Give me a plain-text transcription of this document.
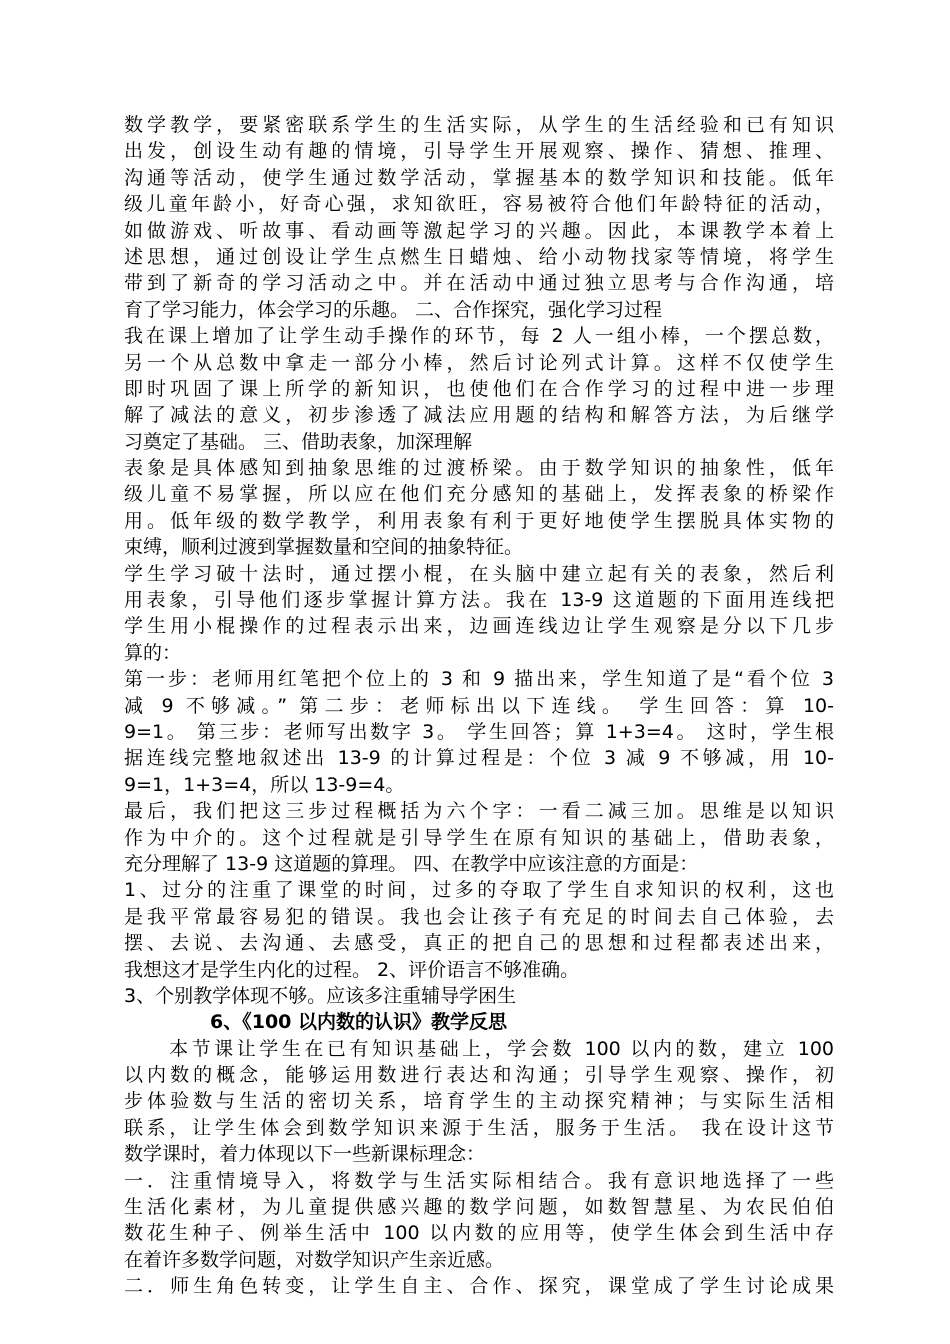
数学教学，要紧密联系学生的生活实际，从学生的生活经验和已有知识
出发，创设生动有趣的情境，引导学生开展观察、操作、猜想、推理、
沟通等活动，使学生通过数学活动，掌握基本的数学知识和技能。低年
级儿童年龄小，好奇心强，求知欲旺，容易被符合他们年龄特征的活动，
如做游戏、听故事、看动画等激起学习的兴趣。因此，本课教学本着上
述思想，通过创设让学生点燃生日蜡烛、给小动物找家等情境，将学生
带到了新奇的学习活动之中。并在活动中通过独立思考与合作沟通，培
育了学习能力，体会学习的乐趣。 二、合作探究，强化学习过程
我在课上增加了让学生动手操作的环节，每 2 人一组小棒，一个摆总数，
另一个从总数中拿走一部分小棒，然后讨论列式计算。这样不仅使学生
即时巩固了课上所学的新知识，也使他们在合作学习的过程中进一步理
解了减法的意义，初步渗透了减法应用题的结构和解答方法，为后继学
习奠定了基础。 三、借助表象，加深理解
表象是具体感知到抽象思维的过渡桥梁。由于数学知识的抽象性，低年
级儿童不易掌握，所以应在他们充分感知的基础上，发挥表象的桥梁作
用。低年级的数学教学，利用表象有利于更好地使学生摆脱具体实物的
束缚，顺利过渡到掌握数量和空间的抽象特征。
学生学习破十法时，通过摆小棍，在头脑中建立起有关的表象，然后利
用表象，引导他们逐步掌握计算方法。我在 13-9 这道题的下面用连线把
学生用小棍操作的过程表示出来，边画连线边让学生观察是分以下几步
算的：
第一步：老师用红笔把个位上的 3 和 9 描出来，学生知道了是“看个位 3
减 9 不够减。” 第二步：老师标出以下连线。 学生回答：算 10-
9=1。 第三步：老师写出数字 3。 学生回答；算 1+3=4。 这时，学生根
据连线完整地叙述出 13-9 的计算过程是：个位 3 减 9 不够减，用 10-
9=1，1+3=4，所以 13-9=4。
最后，我们把这三步过程概括为六个字：一看二减三加。思维是以知识
作为中介的。这个过程就是引导学生在原有知识的基础上，借助表象，
充分理解了 13-9 这道题的算理。 四、在教学中应该注意的方面是：
1、过分的注重了课堂的时间，过多的夺取了学生自求知识的权利，这也
是我平常最容易犯的错误。我也会让孩子有充足的时间去自己体验，去
摆、去说、去沟通、去感受，真正的把自己的思想和过程都表述出来，
我想这才是学生内化的过程。 2、评价语言不够准确。
3、个别教学体现不够。应该多注重辅导学困生
6、《100 以内数的认识》教学反思
　　本节课让学生在已有知识基础上，学会数 100 以内的数，建立 100
以内数的概念，能够运用数进行表达和沟通；引导学生观察、操作，初
步体验数与生活的密切关系，培育学生的主动探究精神；与实际生活相
联系，让学生体会到数学知识来源于生活，服务于生活。 我在设计这节
数学课时，着力体现以下一些新课标理念：
一．注重情境导入，将数学与生活实际相结合。我有意识地选择了一些
生活化素材，为儿童提供感兴趣的数学问题，如数智慧星、为农民伯伯
数花生种子、例举生活中 100 以内数的应用等，使学生体会到生活中存
在着许多数学问题，对数学知识产生亲近感。
二．师生角色转变，让学生自主、合作、探究，课堂成了学生讨论成果
